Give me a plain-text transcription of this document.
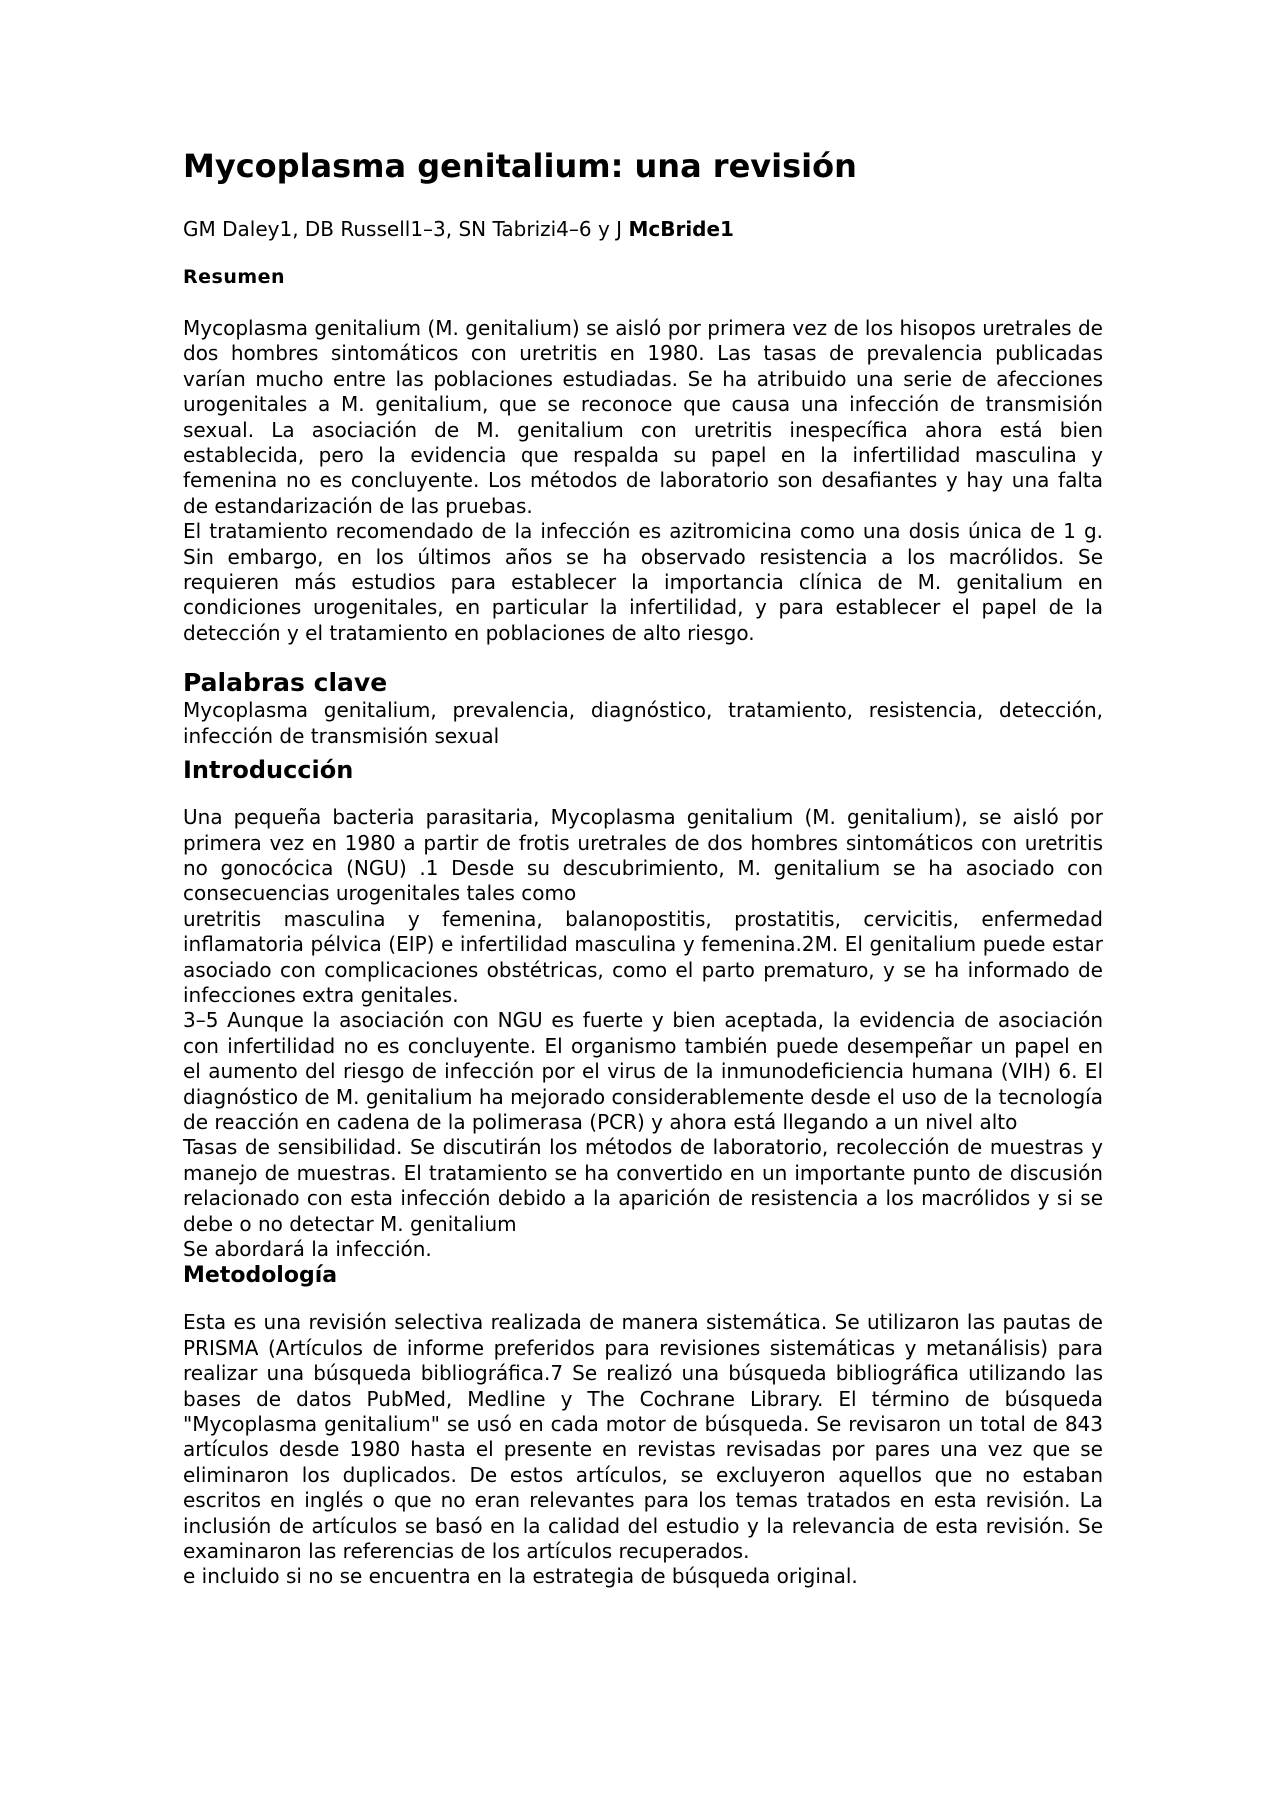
Mycoplasma genitalium: una revisión
GM Daley1, DB Russell1–3, SN Tabrizi4–6 y J McBride1
Resumen

Mycoplasma genitalium (M. genitalium) se aisló por primera vez de los hisopos uretrales de dos hombres sintomáticos con uretritis en 1980. Las tasas de prevalencia publicadas varían mucho entre las poblaciones estudiadas. Se ha atribuido una serie de afecciones urogenitales a M. genitalium, que se reconoce que causa una infección de transmisión sexual. La asociación de M. genitalium con uretritis inespecífica ahora está bien establecida, pero la evidencia que respalda su papel en la infertilidad masculina y femenina no es concluyente. Los métodos de laboratorio son desafiantes y hay una falta de estandarización de las pruebas.

El tratamiento recomendado de la infección es azitromicina como una dosis única de 1 g. Sin embargo, en los últimos años se ha observado resistencia a los macrólidos. Se requieren más estudios para establecer la importancia clínica de M. genitalium en condiciones urogenitales, en particular la infertilidad, y para establecer el papel de la detección y el tratamiento en poblaciones de alto riesgo.

Palabras clave

Mycoplasma genitalium, prevalencia, diagnóstico, tratamiento, resistencia, detección, infección de transmisión sexual

Introducción

Una pequeña bacteria parasitaria, Mycoplasma genitalium (M. genitalium), se aisló por primera vez en 1980 a partir de frotis uretrales de dos hombres sintomáticos con uretritis no gonocócica (NGU) .1 Desde su descubrimiento, M. genitalium se ha asociado con consecuencias urogenitales tales como

uretritis masculina y femenina, balanopostitis, prostatitis, cervicitis, enfermedad inflamatoria pélvica (EIP) e infertilidad masculina y femenina.2M. El genitalium puede estar asociado con complicaciones obstétricas, como el parto prematuro, y se ha informado de infecciones extra genitales.

3–5 Aunque la asociación con NGU es fuerte y bien aceptada, la evidencia de asociación con infertilidad no es concluyente. El organismo también puede desempeñar un papel en el aumento del riesgo de infección por el virus de la inmunodeficiencia humana (VIH) 6. El diagnóstico de M. genitalium ha mejorado considerablemente desde el uso de la tecnología de reacción en cadena de la polimerasa (PCR) y ahora está llegando a un nivel alto

Tasas de sensibilidad. Se discutirán los métodos de laboratorio, recolección de muestras y manejo de muestras. El tratamiento se ha convertido en un importante punto de discusión relacionado con esta infección debido a la aparición de resistencia a los macrólidos y si se debe o no detectar M. genitalium

Se abordará la infección.

Metodología

Esta es una revisión selectiva realizada de manera sistemática. Se utilizaron las pautas de PRISMA (Artículos de informe preferidos para revisiones sistemáticas y metanálisis) para realizar una búsqueda bibliográfica.7 Se realizó una búsqueda bibliográfica utilizando las bases de datos PubMed, Medline y The Cochrane Library. El término de búsqueda "Mycoplasma genitalium" se usó en cada motor de búsqueda. Se revisaron un total de 843 artículos desde 1980 hasta el presente en revistas revisadas por pares una vez que se eliminaron los duplicados. De estos artículos, se excluyeron aquellos que no estaban escritos en inglés o que no eran relevantes para los temas tratados en esta revisión. La inclusión de artículos se basó en la calidad del estudio y la relevancia de esta revisión. Se examinaron las referencias de los artículos recuperados.

e incluido si no se encuentra en la estrategia de búsqueda original.
